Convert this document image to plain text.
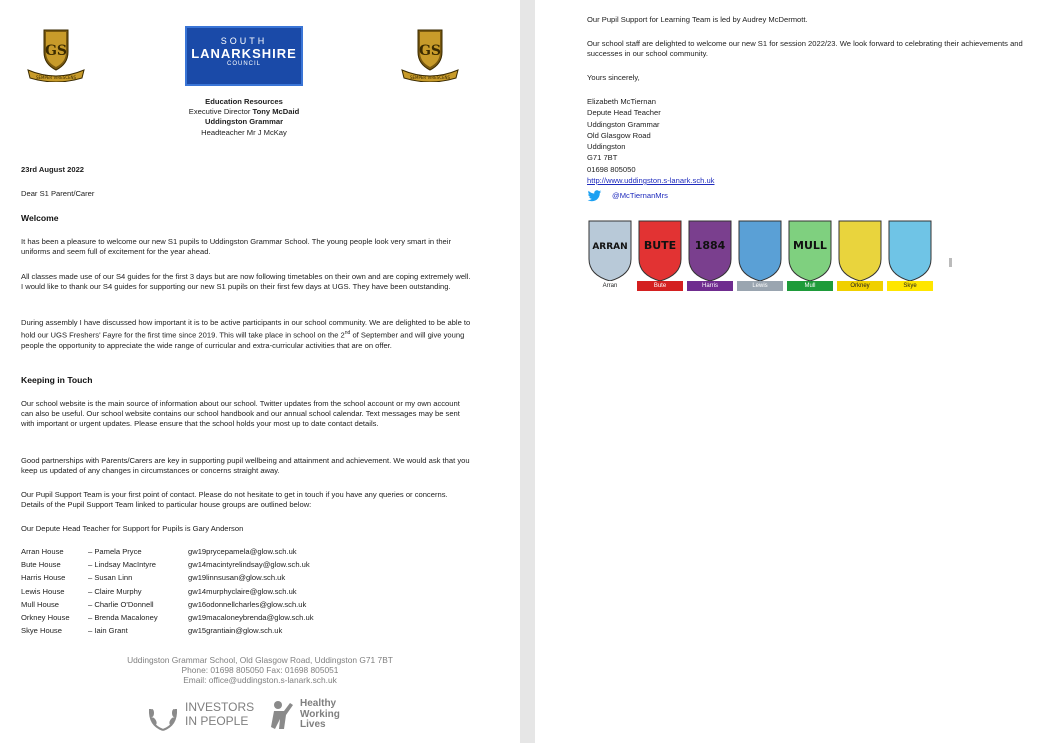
GS
SEMPER VIRESCENS
SOUTH
LANARKSHIRE
COUNCIL
GS
SEMPER VIRESCENS
Education Resources
Executive Director Tony McDaid
Uddingston Grammar
Headteacher Mr J McKay
23rd August 2022
Dear S1 Parent/Carer
Welcome
It has been a pleasure to welcome our new S1 pupils to Uddingston Grammar School. The young people look very smart in their uniforms and seem full of excitement for the year ahead.
All classes made use of our S4 guides for the first 3 days but are now following timetables on their own and are coping extremely well. I would like to thank our S4 guides for supporting our new S1 pupils on their first few days at UGS. They have been outstanding.
During assembly I have discussed how important it is to be active participants in our school community. We are delighted to be able to hold our UGS Freshers' Fayre for the first time since 2019. This will take place in school on the 2nd of September and will give young people the opportunity to appreciate the wide range of curricular and extra-curricular activities that are on offer.
Keeping in Touch
Our school website is the main source of information about our school. Twitter updates from the school account or my own account can also be useful. Our school website contains our school handbook and our annual school calendar. Text messages may be sent with important or urgent updates. Please ensure that the school holds your most up to date contact details.
Good partnerships with Parents/Carers are key in supporting pupil wellbeing and attainment and achievement. We would ask that you keep us updated of any changes in circumstances or concerns straight away.
Our Pupil Support Team is your first point of contact. Please do not hesitate to get in touch if you have any queries or concerns. Details of the Pupil Support Team linked to particular house groups are outlined below:
Our Depute Head Teacher for Support for Pupils is Gary Anderson
Arran House	– Pamela Pryce	gw19prycepamela@glow.sch.uk
Bute House	– Lindsay MacIntyre	gw14macintyrelindsay@glow.sch.uk
Harris House	– Susan Linn	gw19linnsusan@glow.sch.uk
Lewis House	– Claire Murphy	gw14murphyclaire@glow.sch.uk
Mull House	– Charlie O'Donnell	gw16odonnellcharles@glow.sch.uk
Orkney House	– Brenda Macaloney	gw19macaloneybrenda@glow.sch.uk
Skye House	– Iain Grant	gw15grantiain@glow.sch.uk
Uddingston Grammar School, Old Glasgow Road, Uddingston G71 7BT
Phone: 01698 805050 Fax: 01698 805051
Email: office@uddingston.s-lanark.sch.uk
INVESTORS
IN PEOPLE
Healthy
Working
Lives
Our Pupil Support for Learning Team is led by Audrey McDermott.
Our school staff are delighted to welcome our new S1 for session 2022/23. We look forward to celebrating their achievements and successes in our school community.
Yours sincerely,
Elizabeth McTiernan
Depute Head Teacher
Uddingston Grammar
Old Glasgow Road
Uddingston
G71 7BT
01698 805050
http://www.uddingston.s-lanark.sch.uk
@McTiernanMrs
ARRAN
Arran
BUTE
Bute
1884
Harris	Lewis
MULL
Mull	Orkney	Skye
